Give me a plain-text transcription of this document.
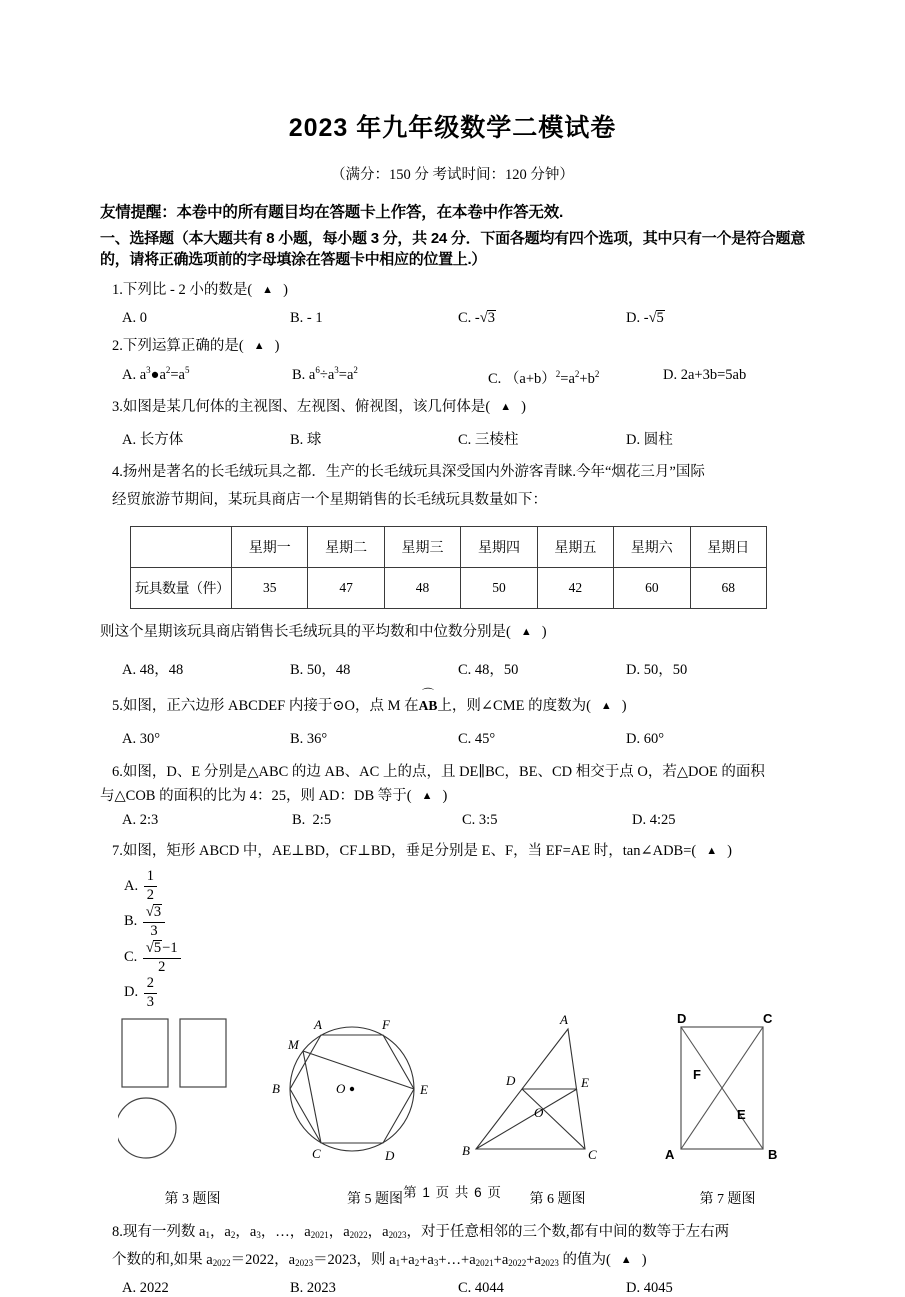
2023 年九年级数学二模试卷
（满分：150 分 考试时间：120 分钟）
友情提醒：本卷中的所有题目均在答题卡上作答，在本卷中作答无效.
一、选择题（本大题共有 8 小题，每小题 3 分，共 24 分．下面各题均有四个选项，其中只有一个是符合题意的，请将正确选项前的字母填涂在答题卡中相应的位置上.）
1.下列比 - 2 小的数是( ▲ )
A. 0	B. - 1	C. -√3	D. -√5
2.下列运算正确的是( ▲ )
A. $a^3●a^2=a^5$	B. $a^6\div a^3=a^2$
C. $(a+b)^2=a^2+b^2$	D. 2a+3b=5ab
3.如图是某几何体的主视图、左视图、俯视图，该几何体是( ▲ )
A. 长方体	B. 球	C. 三棱柱	D. 圆柱
4.扬州是著名的长毛绒玩具之都．生产的长毛绒玩具深受国内外游客青睐.今年“烟花三月”国际
经贸旅游节期间，某玩具商店一个星期销售的长毛绒玩具数量如下：
	星期一	星期二	星期三	星期四	星期五	星期六	星期日
玩具数量（件）	35	47	48	50	42	60	68
则这个星期该玩具商店销售长毛绒玩具的平均数和中位数分别是( ▲ )
A. 48，48	B. 50，48	C. 48，50	D. 50，50
5.如图，正六边形 ABCDEF 内接于⊙O，点 M 在
⌒
AB上，则∠CME 的度数为( ▲ )
A. 30°	B. 36°	C. 45°	D. 60°
6.如图，D、E 分别是△ABC 的边 AB、AC 上的点，且 DE∥BC，BE、CD 相交于点 O，若△DOE 的面积
与△COB 的面积的比为 4：25，则 AD：DB 等于( ▲ )
A. 2:3	B. 2:5	C. 3:5	D. 4:25
7.如图，矩形 ABCD 中，AE⊥BD，CF⊥BD，垂足分别是 E、F，当 EF=AE 时，tan∠ADB=( ▲ )
A.
$\frac{1}{2}$
B.
$\frac{√3}{3}$
C.
$\frac{√5-1}{2}$
D.
$\frac{2}{3}$
A	F
M
B	O	E
C	D
A
D	E
O
B	C
D	C
F
E
A	B
第 3 题图	第 5 题图	第 6 题图	第 7 题图
8.现有一列数 $a_1$，$a_2$，$a_3$，…，$a_{2021}$，$a_{2022}$，$a_{2023}$，对于任意相邻的三个数,都有中间的数等于左右两
个数的和,如果 $a_{2022}=2022$，$a_{2023}=2023$，则 $a_1+a_2+a_3+\dots+a_{2021}+a_{2022}+a_{2023}$ 的值为( ▲ )
A. 2022	B. 2023	C. 4044	D. 4045
第 1 页 共 6 页
